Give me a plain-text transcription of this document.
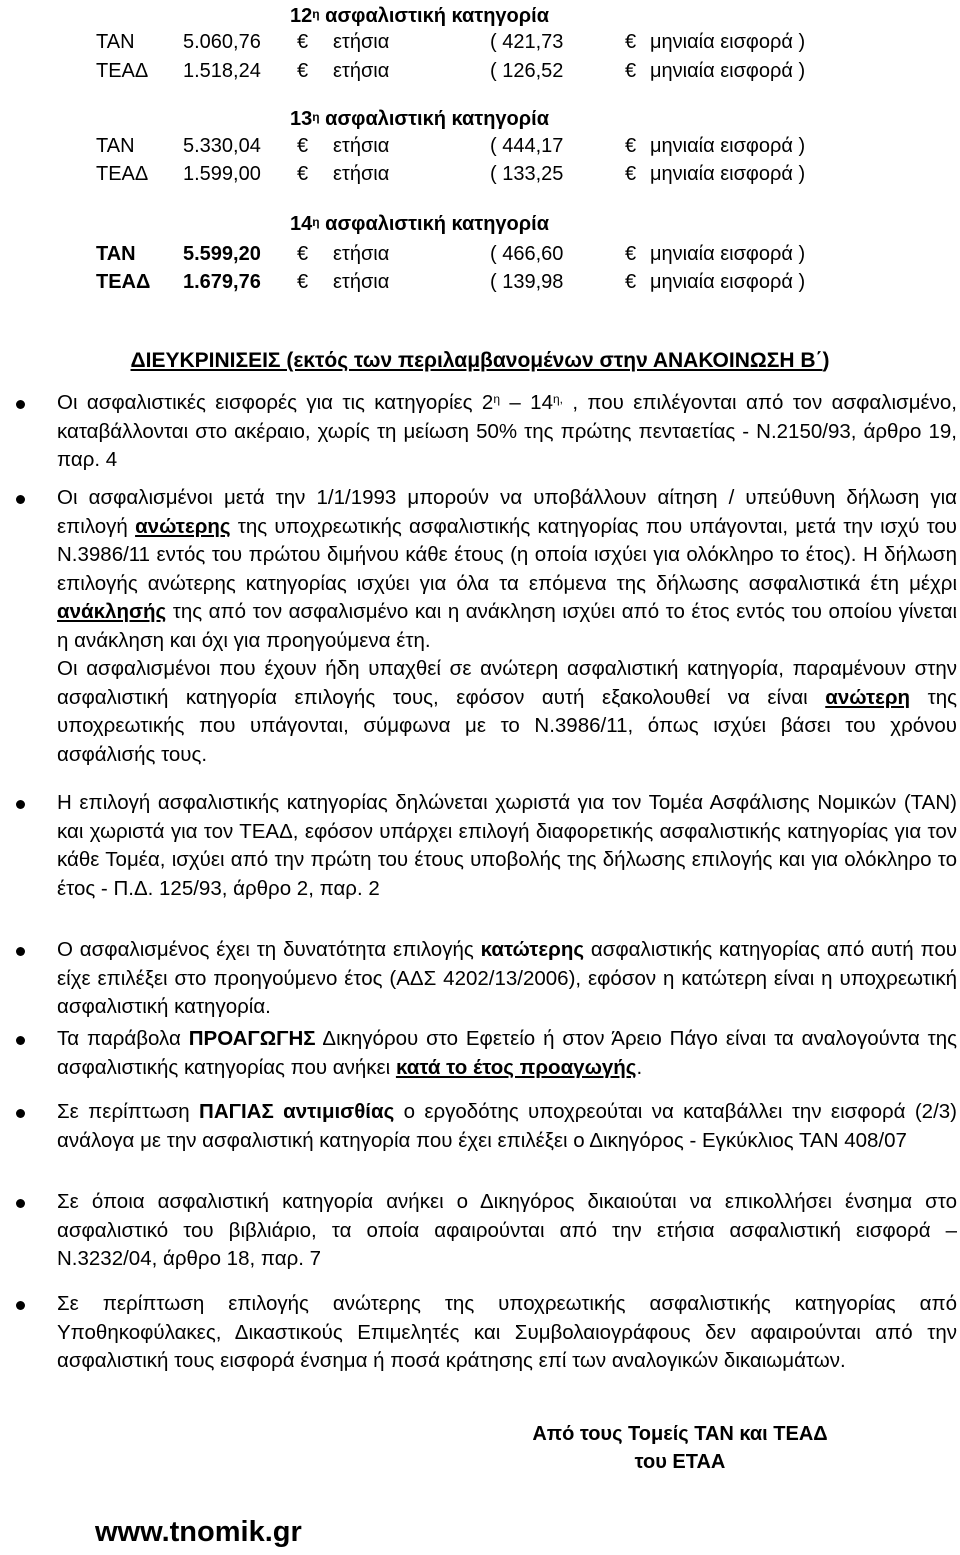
$12^\eta$ ασφαλιστική κατηγορία
ΤΑΝ 5.060,76 € ετήσια	( 421,73	€ μηνιαία εισφορά )
ΤΕΑΔ 1.518,24 € ετήσια	( 126,52	€ μηνιαία εισφορά )
$13^\eta$ ασφαλιστική κατηγορία
ΤΑΝ 5.330,04 € ετήσια	( 444,17	€ μηνιαία εισφορά )
ΤΕΑΔ 1.599,00 € ετήσια	( 133,25	€ μηνιαία εισφορά )
$14^\eta$ ασφαλιστική κατηγορία
ΤΑΝ 5.599,20 € ετήσια	( 466,60	€ μηνιαία εισφορά )
ΤΕΑΔ 1.679,76 € ετήσια	( 139,98	€ μηνιαία εισφορά )
ΔΙΕΥΚΡΙΝΙΣΕΙΣ (εκτός των περιλαμβανομένων στην ΑΝΑΚΟΙΝΩΣΗ Β΄)

Οι ασφαλιστικές εισφορές για τις κατηγορίες $2^\eta - 14^{\eta,}$ , που επιλέγονται από τον ασφαλισμένο, καταβάλλονται στο ακέραιο, χωρίς τη μείωση 50% της πρώτης πενταετίας - Ν.2150/93, άρθρο 19, παρ. 4

Οι ασφαλισμένοι μετά την 1/1/1993 μπορούν να υποβάλλουν αίτηση / υπεύθυνη δήλωση για επιλογή ανώτερης της υποχρεωτικής ασφαλιστικής κατηγορίας που υπάγονται, μετά την ισχύ του Ν.3986/11 εντός του πρώτου διμήνου κάθε έτους (η οποία ισχύει για ολόκληρο το έτος). Η δήλωση επιλογής ανώτερης κατηγορίας ισχύει για όλα τα επόμενα της δήλωσης ασφαλιστικά έτη μέχρι ανάκλησής της από τον ασφαλισμένο και η ανάκληση ισχύει από το έτος εντός του οποίου γίνεται η ανάκληση και όχι για προηγούμενα έτη.

Οι ασφαλισμένοι που έχουν ήδη υπαχθεί σε ανώτερη ασφαλιστική κατηγορία, παραμένουν στην ασφαλιστική κατηγορία επιλογής τους, εφόσον αυτή εξακολουθεί να είναι ανώτερη της υποχρεωτικής που υπάγονται, σύμφωνα με το Ν.3986/11, όπως ισχύει βάσει του χρόνου ασφάλισής τους.

Η επιλογή ασφαλιστικής κατηγορίας δηλώνεται χωριστά για τον Τομέα Ασφάλισης Νομικών (ΤΑΝ) και χωριστά για τον ΤΕΑΔ, εφόσον υπάρχει επιλογή διαφορετικής ασφαλιστικής κατηγορίας για τον κάθε Τομέα, ισχύει από την πρώτη του έτους υποβολής της δήλωσης επιλογής και για ολόκληρο το έτος - Π.Δ. 125/93, άρθρο 2, παρ. 2

Ο ασφαλισμένος έχει τη δυνατότητα επιλογής κατώτερης ασφαλιστικής κατηγορίας από αυτή που είχε επιλέξει στο προηγούμενο έτος (ΑΔΣ 4202/13/2006), εφόσον η κατώτερη είναι η υποχρεωτική ασφαλιστική κατηγορία.

Τα παράβολα ΠΡΟΑΓΩΓΗΣ Δικηγόρου στο Εφετείο ή στον Άρειο Πάγο είναι τα αναλογούντα της ασφαλιστικής κατηγορίας που ανήκει κατά το έτος προαγωγής.

Σε περίπτωση ΠΑΓΙΑΣ αντιμισθίας ο εργοδότης υποχρεούται να καταβάλλει την εισφορά (2/3) ανάλογα με την ασφαλιστική κατηγορία που έχει επιλέξει ο Δικηγόρος - Εγκύκλιος ΤΑΝ 408/07

Σε όποια ασφαλιστική κατηγορία ανήκει ο Δικηγόρος δικαιούται να επικολλήσει ένσημα στο ασφαλιστικό του βιβλιάριο, τα οποία αφαιρούνται από την ετήσια ασφαλιστική εισφορά – Ν.3232/04, άρθρο 18, παρ. 7

Σε περίπτωση επιλογής ανώτερης της υποχρεωτικής ασφαλιστικής κατηγορίας από Υποθηκοφύλακες, Δικαστικούς Επιμελητές και Συμβολαιογράφους δεν αφαιρούνται από την ασφαλιστική τους εισφορά ένσημα ή ποσά κράτησης επί των αναλογικών δικαιωμάτων.

Από τους Τομείς ΤΑΝ και ΤΕΑΔ
του ΕΤΑΑ
www.tnomik.gr
